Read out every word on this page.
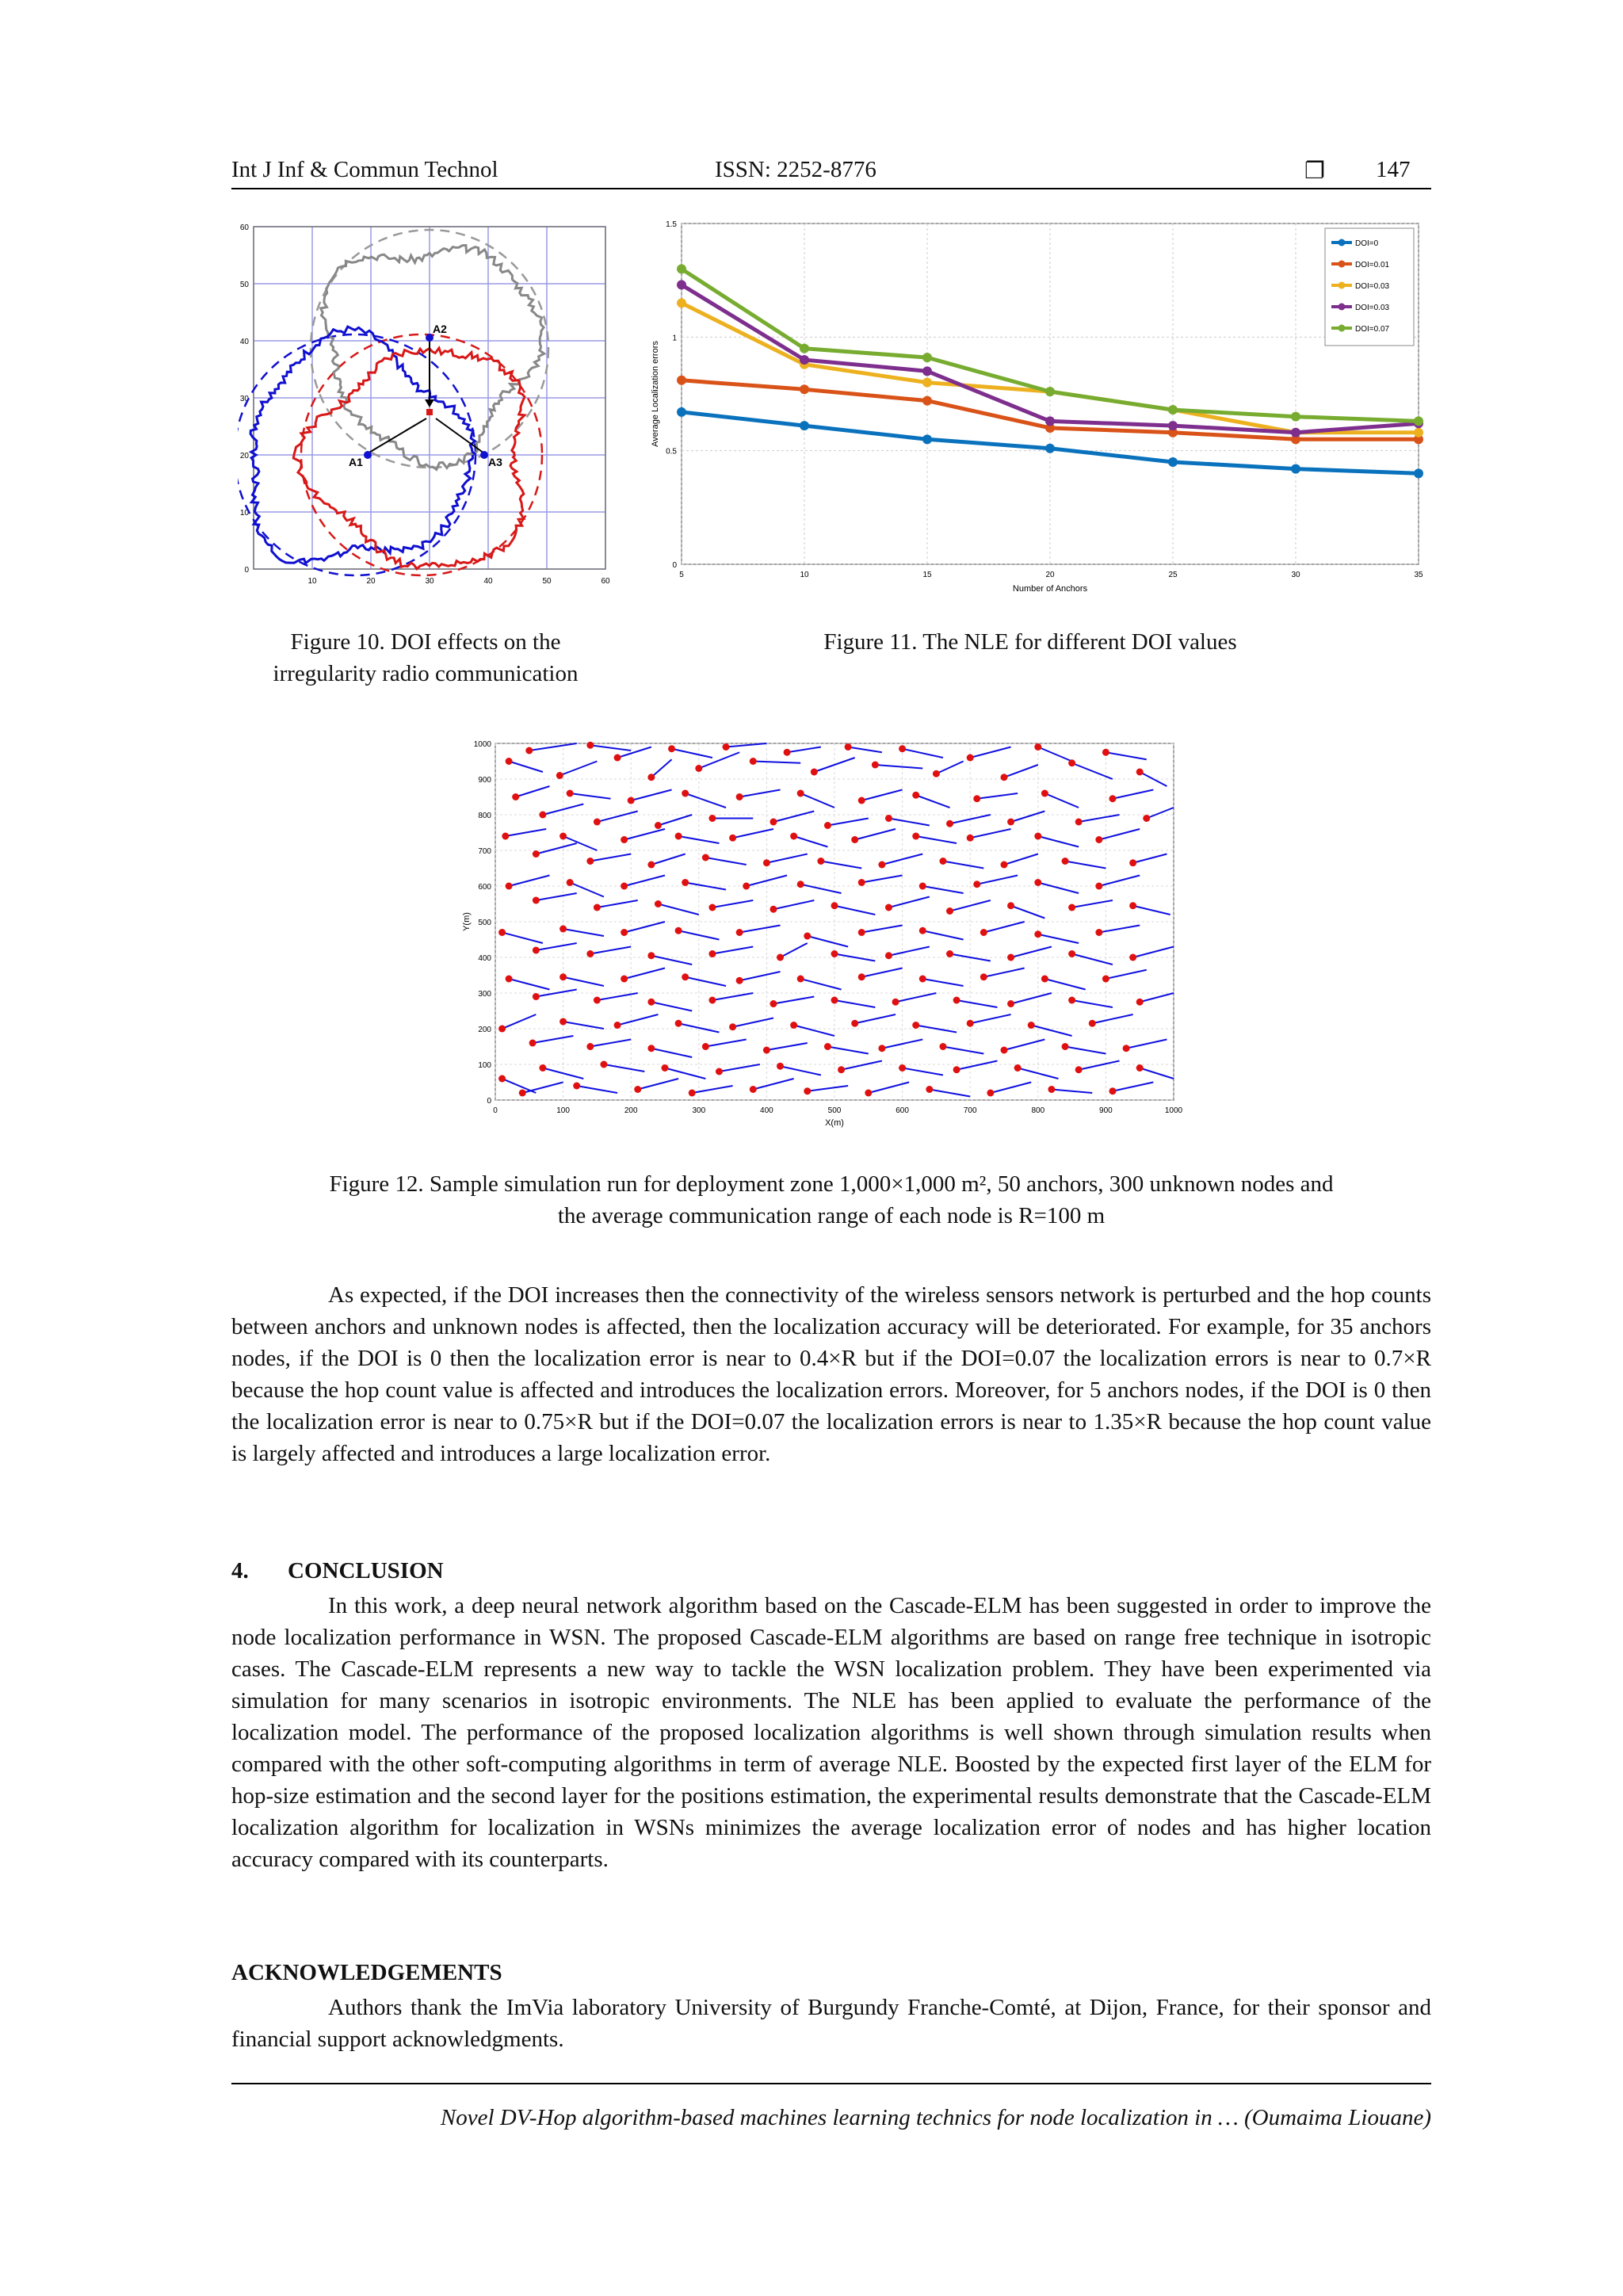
Int J Inf & Commun Technol	ISSN: 2252-8776	❐ 147
10	20	30	40	50	60
0
10
20
30
40
50
60
A2
A1	A3
Figure 10. DOI effects on the
irregularity radio communication
5	10	15	20	25	30	35
0
0.5
1
1.5
DOI=0
DOI=0.01
DOI=0.03
DOI=0.03
DOI=0.07
Number of Anchors
Average Localization errors
Figure 11. The NLE for different DOI values
0	100	200	300	400	500	600	700	800	900	1000
0
100
200
300
400
500
600
700
800
900
1000
X(m)
Y(m)
Figure 12. Sample simulation run for deployment zone 1,000×1,000 m², 50 anchors, 300 unknown nodes and
the average communication range of each node is R=100 m
As expected, if the DOI increases then the connectivity of the wireless sensors network is perturbed and the hop counts between anchors and unknown nodes is affected, then the localization accuracy will be deteriorated. For example, for 35 anchors nodes, if the DOI is 0 then the localization error is near to 0.4×R but if the DOI=0.07 the localization errors is near to 0.7×R because the hop count value is affected and introduces the localization errors. Moreover, for 5 anchors nodes, if the DOI is 0 then the localization error is near to 0.75×R but if the DOI=0.07 the localization errors is near to 1.35×R because the hop count value is largely affected and introduces a large localization error.
4. CONCLUSION
In this work, a deep neural network algorithm based on the Cascade-ELM has been suggested in order to improve the node localization performance in WSN. The proposed Cascade-ELM algorithms are based on range free technique in isotropic cases. The Cascade-ELM represents a new way to tackle the WSN localization problem. They have been experimented via simulation for many scenarios in isotropic environments. The NLE has been applied to evaluate the performance of the localization model. The performance of the proposed localization algorithms is well shown through simulation results when compared with the other soft-computing algorithms in term of average NLE. Boosted by the expected first layer of the ELM for hop-size estimation and the second layer for the positions estimation, the experimental results demonstrate that the Cascade-ELM localization algorithm for localization in WSNs minimizes the average localization error of nodes and has higher location accuracy compared with its counterparts.
ACKNOWLEDGEMENTS
Authors thank the ImVia laboratory University of Burgundy Franche-Comté, at Dijon, France, for their sponsor and financial support acknowledgments.
Novel DV-Hop algorithm-based machines learning technics for node localization in … (Oumaima Liouane)
